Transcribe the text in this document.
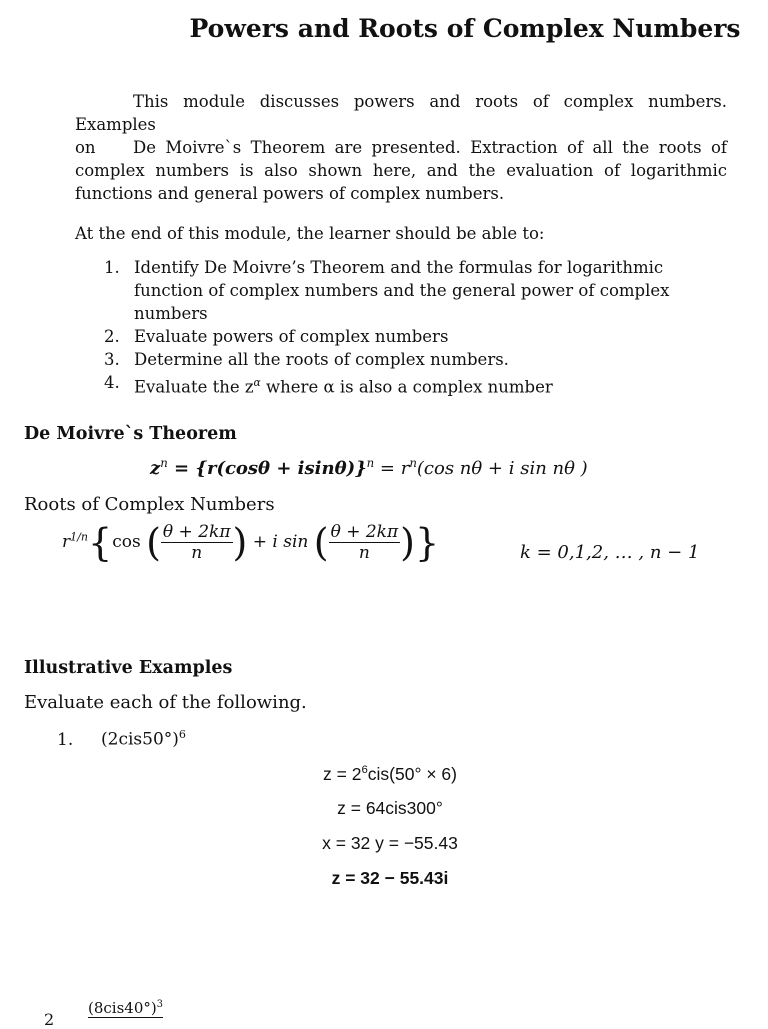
Powers and Roots of Complex Numbers
This module discusses powers and roots of complex numbers. Examples
on De Moivre`s Theorem are presented. Extraction of all the roots of complex numbers is also shown here, and the evaluation of logarithmic functions and general powers of complex numbers.
At the end of this module, the learner should be able to:
1. Identify De Moivre’s Theorem and the formulas for logarithmic function of complex numbers and the general power of complex numbers
2. Evaluate powers of complex numbers
3. Determine all the roots of complex numbers.
4. Evaluate the $z^\alpha$ where α is also a complex number
De Moivre`s Theorem
$z^n = \{r(\cos\theta + isin\theta)\}^n = r^n(\cos$ nθ + i sin nθ )
Roots of Complex Numbers
$r^{1/n}\{\cos$ ( $\frac{\theta + 2k\pi}{n}$ ) + i sin ( $\frac{\theta + 2k\pi}{n}$ )}	k = 0,1,2, … , n − 1
Illustrative Examples
Evaluate each of the following.
1. $(2cis50^\circ)^6$
$z = 2^6cis(50^\circ \times 6)$
z = 64cis300°
x = 32 y = −55.43
z = 32 − 55.43i
2
$(8cis40^\circ)^3$
